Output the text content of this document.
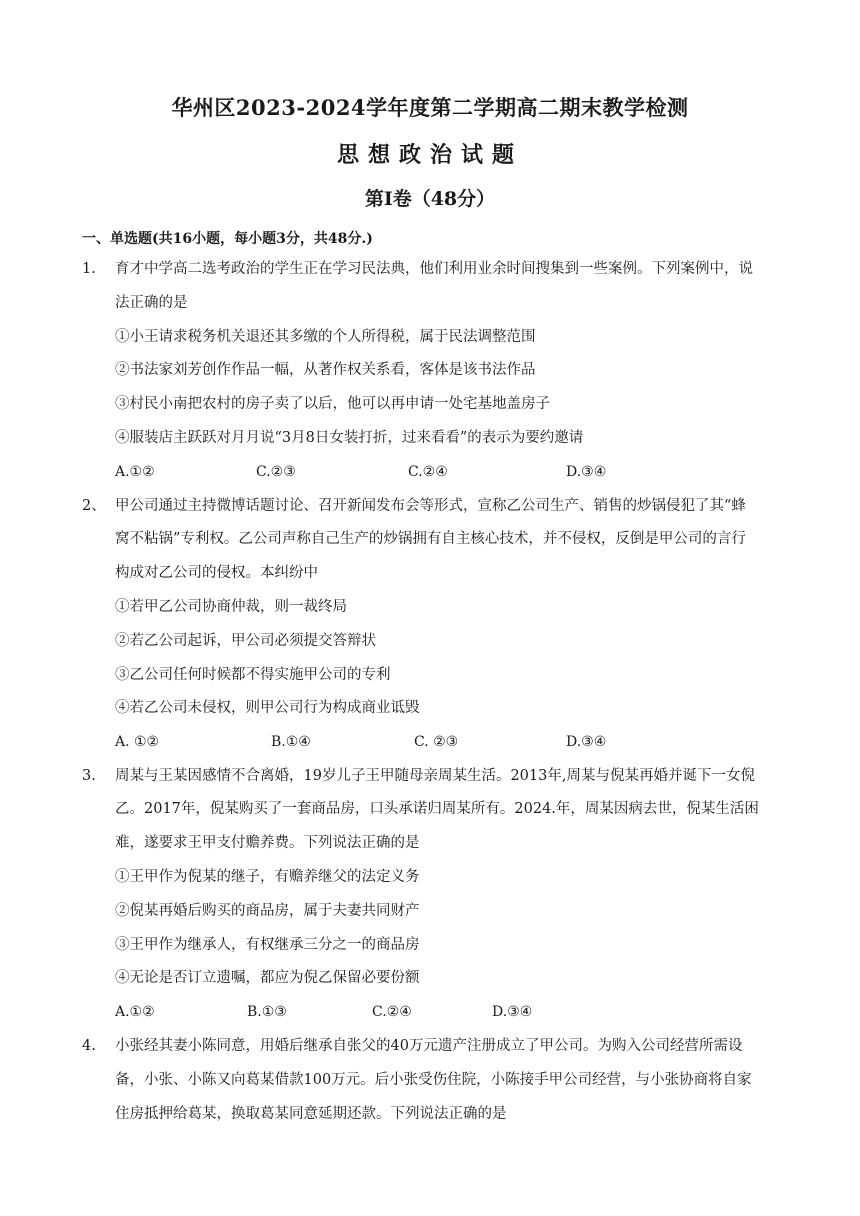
华州区2023-2024学年度第二学期高二期末教学检测
思想政治试题
第Ⅰ卷（48分）
一、单选题(共16小题，每小题3分，共48分.)
1. 育才中学高二选考政治的学生正在学习民法典，他们利用业余时间搜集到一些案例。下列案例中，说
法正确的是
①小王请求税务机关退还其多缴的个人所得税，属于民法调整范围
②书法家刘芳创作作品一幅，从著作权关系看，客体是该书法作品
③村民小南把农村的房子卖了以后，他可以再申请一处宅基地盖房子
④服装店主跃跃对月月说“3月8日女装打折，过来看看”的表示为要约邀请
A.①②	C.②③	C.②④	D.③④
2、 甲公司通过主持微博话题讨论、召开新闻发布会等形式，宣称乙公司生产、销售的炒锅侵犯了其“蜂
窝不粘锅”专利权。乙公司声称自己生产的炒锅拥有自主核心技术，并不侵权，反倒是甲公司的言行
构成对乙公司的侵权。本纠纷中
①若甲乙公司协商仲裁，则一裁终局
②若乙公司起诉，甲公司必须提交答辩状
③乙公司任何时候都不得实施甲公司的专利
④若乙公司未侵权，则甲公司行为构成商业诋毁
A. ①②	B.①④	C. ②③	D.③④
3. 周某与王某因感情不合离婚，19岁儿子王甲随母亲周某生活。2013年,周某与倪某再婚并诞下一女倪
乙。2017年，倪某购买了一套商品房，口头承诺归周某所有。2024.年，周某因病去世，倪某生活困
难，遂要求王甲支付赡养费。下列说法正确的是
①王甲作为倪某的继子，有赡养继父的法定义务
②倪某再婚后购买的商品房，属于夫妻共同财产
③王甲作为继承人，有权继承三分之一的商品房
④无论是否订立遗嘱，都应为倪乙保留必要份额
A.①②	B.①③	C.②④	D.③④
4. 小张经其妻小陈同意，用婚后继承自张父的40万元遗产注册成立了甲公司。为购入公司经营所需设
备，小张、小陈又向葛某借款100万元。后小张受伤住院，小陈接手甲公司经营，与小张协商将自家
住房抵押给葛某，换取葛某同意延期还款。下列说法正确的是
